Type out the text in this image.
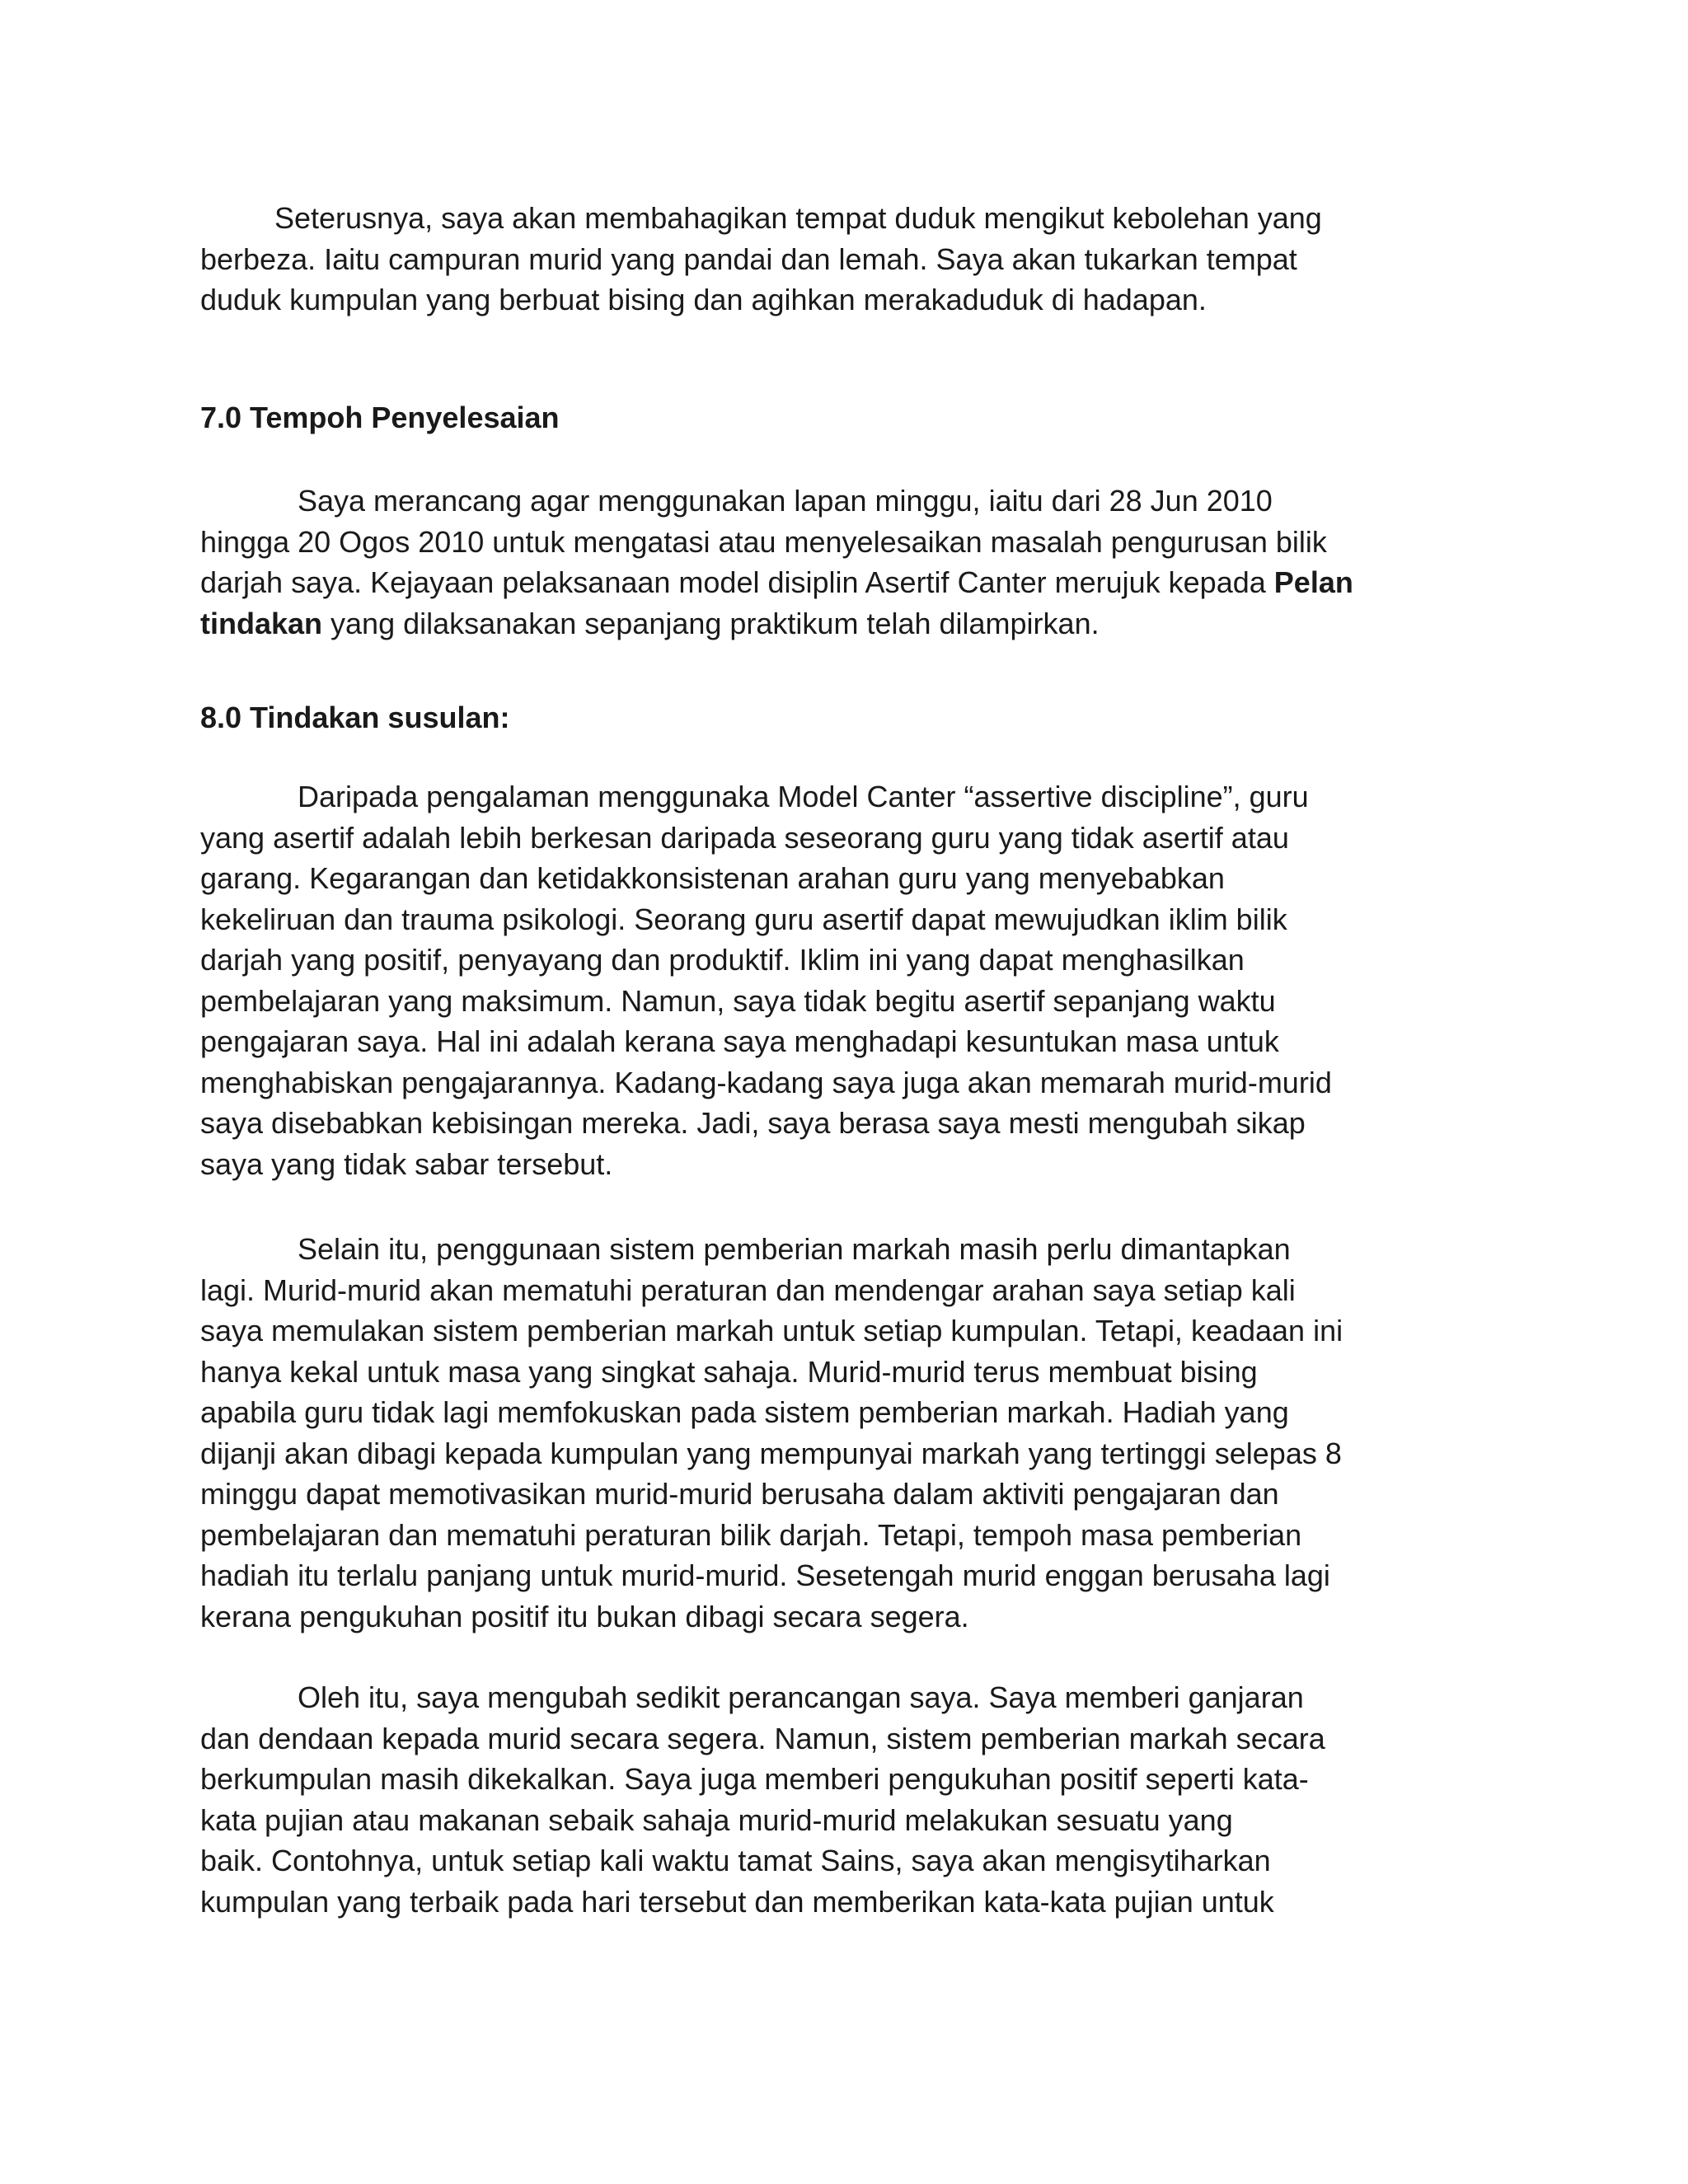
Seterusnya, saya akan membahagikan tempat duduk mengikut kebolehan yang
berbeza. Iaitu campuran murid yang pandai dan lemah. Saya akan tukarkan tempat
duduk kumpulan yang berbuat bising dan agihkan merakaduduk di hadapan.
7.0 Tempoh Penyelesaian
Saya merancang agar menggunakan lapan minggu, iaitu dari 28 Jun 2010
hingga 20 Ogos 2010 untuk mengatasi atau menyelesaikan masalah pengurusan bilik
darjah saya. Kejayaan pelaksanaan model disiplin Asertif Canter merujuk kepada Pelan
tindakan yang dilaksanakan sepanjang praktikum telah dilampirkan.
8.0 Tindakan susulan:
Daripada pengalaman menggunaka Model Canter “assertive discipline”, guru
yang asertif adalah lebih berkesan daripada seseorang guru yang tidak asertif atau
garang. Kegarangan dan ketidakkonsistenan arahan guru yang menyebabkan
kekeliruan dan trauma psikologi. Seorang guru asertif dapat mewujudkan iklim bilik
darjah yang positif, penyayang dan produktif. Iklim ini yang dapat menghasilkan
pembelajaran yang maksimum. Namun, saya tidak begitu asertif sepanjang waktu
pengajaran saya. Hal ini adalah kerana saya menghadapi kesuntukan masa untuk
menghabiskan pengajarannya. Kadang-kadang saya juga akan memarah murid-murid
saya disebabkan kebisingan mereka. Jadi, saya berasa saya mesti mengubah sikap
saya yang tidak sabar tersebut.
Selain itu, penggunaan sistem pemberian markah masih perlu dimantapkan
lagi. Murid-murid akan mematuhi peraturan dan mendengar arahan saya setiap kali
saya memulakan sistem pemberian markah untuk setiap kumpulan. Tetapi, keadaan ini
hanya kekal untuk masa yang singkat sahaja. Murid-murid terus membuat bising
apabila guru tidak lagi memfokuskan pada sistem pemberian markah. Hadiah yang
dijanji akan dibagi kepada kumpulan yang mempunyai markah yang tertinggi selepas 8
minggu dapat memotivasikan murid-murid berusaha dalam aktiviti pengajaran dan
pembelajaran dan mematuhi peraturan bilik darjah. Tetapi, tempoh masa pemberian
hadiah itu terlalu panjang untuk murid-murid. Sesetengah murid enggan berusaha lagi
kerana pengukuhan positif itu bukan dibagi secara segera.
Oleh itu, saya mengubah sedikit perancangan saya. Saya memberi ganjaran
dan dendaan kepada murid secara segera. Namun, sistem pemberian markah secara
berkumpulan masih dikekalkan. Saya juga memberi pengukuhan positif seperti kata-
kata pujian atau makanan sebaik sahaja murid-murid melakukan sesuatu yang
baik. Contohnya, untuk setiap kali waktu tamat Sains, saya akan mengisytiharkan
kumpulan yang terbaik pada hari tersebut dan memberikan kata-kata pujian untuk
